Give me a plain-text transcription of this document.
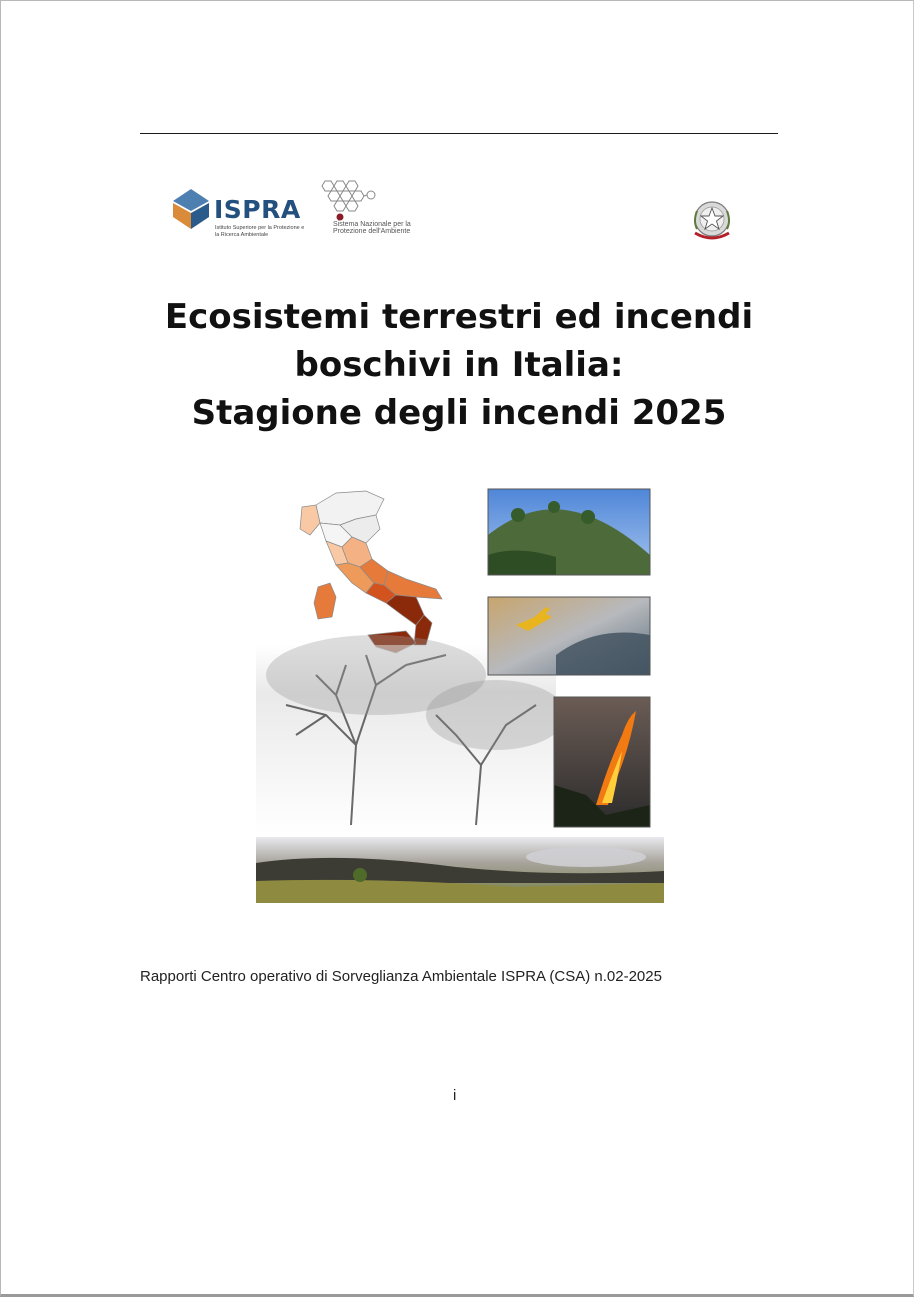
ISPRA
Istituto Superiore per la Protezione e la Ricerca Ambientale
Sistema Nazionale per la Protezione dell'Ambiente
Ecosistemi terrestri ed incendi
boschivi in Italia:
Stagione degli incendi 2025
Rapporti Centro operativo di Sorveglianza Ambientale ISPRA (CSA) n.02-2025
i
